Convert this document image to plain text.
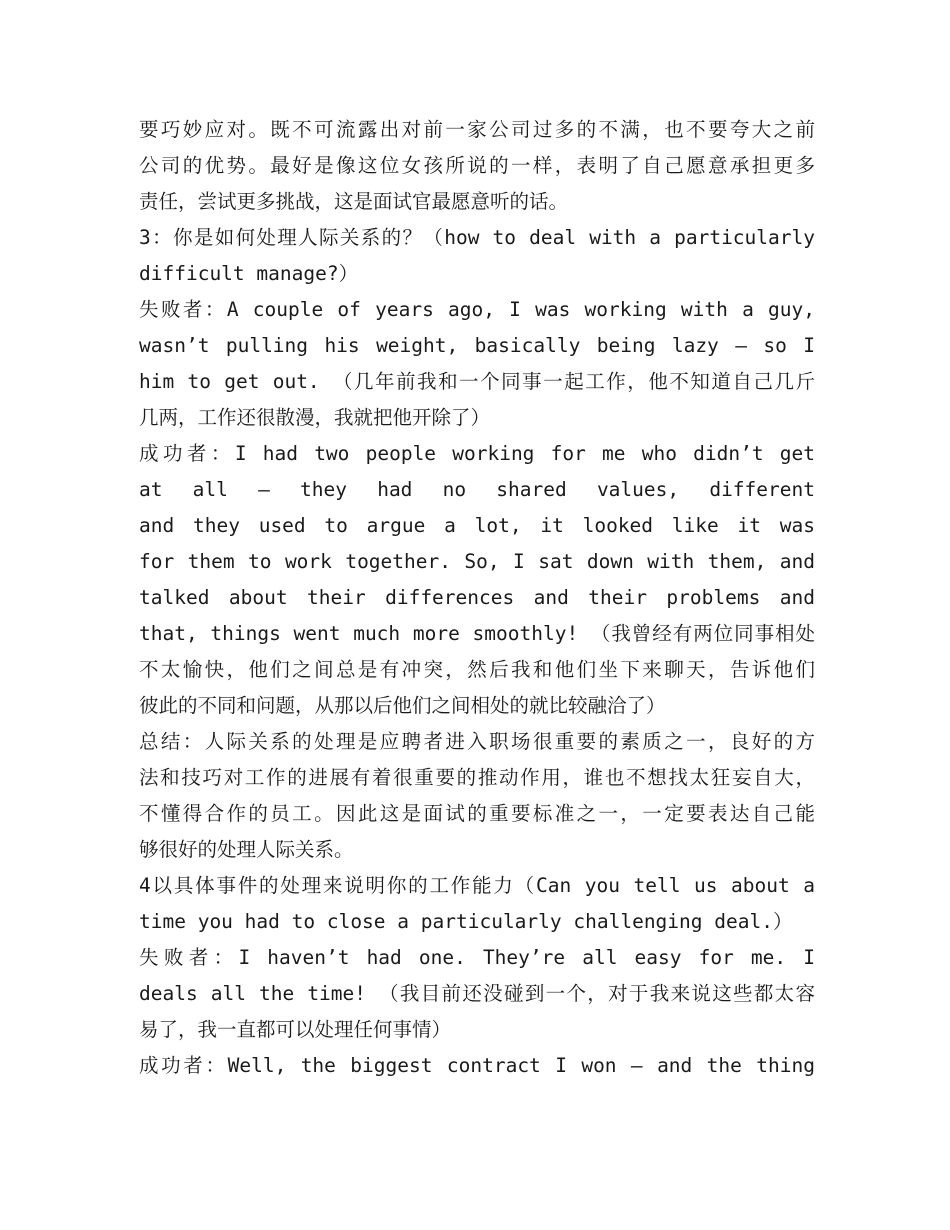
要巧妙应对。既不可流露出对前一家公司过多的不满，也不要夸大之前
公司的优势。最好是像这位女孩所说的一样，表明了自己愿意承担更多
责任，尝试更多挑战，这是面试官最愿意听的话。
3：你是如何处理人际关系的？（how to deal with a particularly
difficult manage?）
失败者：A couple of years ago, I was working with a guy,
wasn’t pulling his weight, basically being lazy – so I
him to get out. （几年前我和一个同事一起工作，他不知道自己几斤
几两，工作还很散漫，我就把他开除了）
成功者：I had two people working for me who didn’t get
at all – they had no shared values, different
and they used to argue a lot, it looked like it was
for them to work together. So, I sat down with them, and
talked about their differences and their problems and
that, things went much more smoothly! （我曾经有两位同事相处
不太愉快，他们之间总是有冲突，然后我和他们坐下来聊天，告诉他们
彼此的不同和问题，从那以后他们之间相处的就比较融洽了）
总结：人际关系的处理是应聘者进入职场很重要的素质之一，良好的方
法和技巧对工作的进展有着很重要的推动作用，谁也不想找太狂妄自大，
不懂得合作的员工。因此这是面试的重要标准之一，一定要表达自己能
够很好的处理人际关系。
4以具体事件的处理来说明你的工作能力（Can you tell us about a
time you had to close a particularly challenging deal.）
失败者：I haven’t had one. They’re all easy for me. I
deals all the time! （我目前还没碰到一个，对于我来说这些都太容
易了，我一直都可以处理任何事情）
成功者：Well, the biggest contract I won – and the thing
